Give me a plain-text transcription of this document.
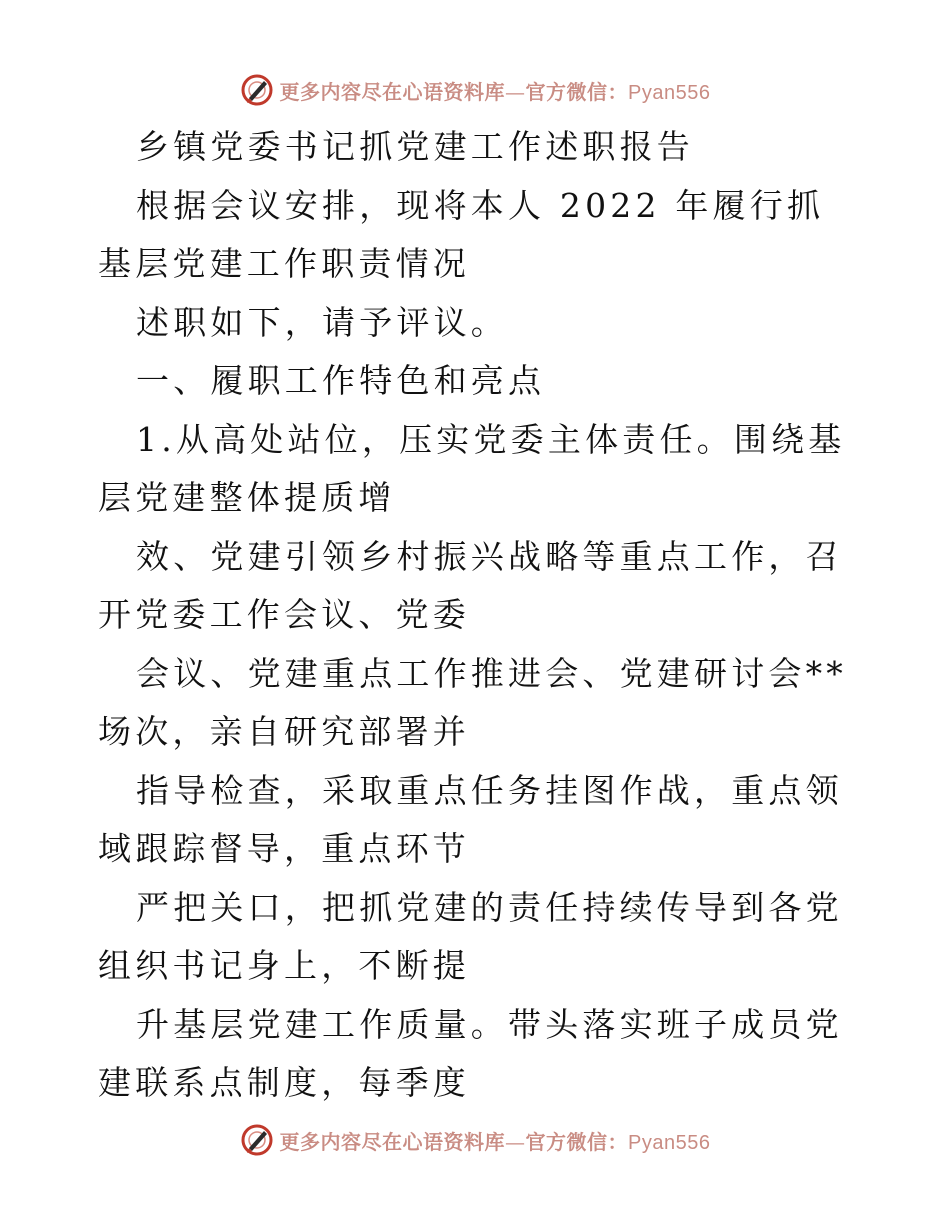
更多内容尽在心语资料库—官方微信：Pyan556

乡镇党委书记抓党建工作述职报告

根据会议安排，现将本人 2022 年履行抓基层党建工作职责情况

述职如下，请予评议。

一、履职工作特色和亮点

1.从高处站位，压实党委主体责任。围绕基层党建整体提质增

效、党建引领乡村振兴战略等重点工作，召开党委工作会议、党委

会议、党建重点工作推进会、党建研讨会**场次，亲自研究部署并

指导检查，采取重点任务挂图作战，重点领域跟踪督导，重点环节

严把关口，把抓党建的责任持续传导到各党组织书记身上，不断提

升基层党建工作质量。带头落实班子成员党建联系点制度，每季度

更多内容尽在心语资料库—官方微信：Pyan556
